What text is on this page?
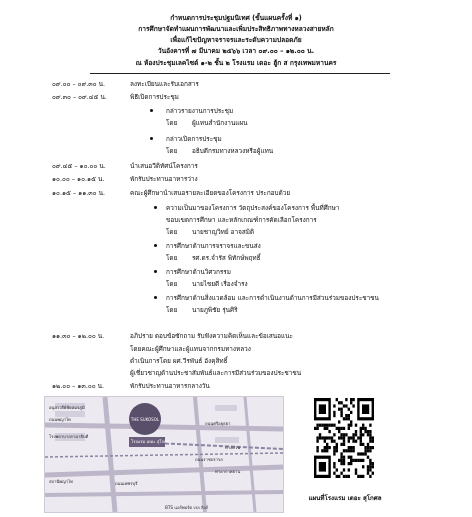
กำหนดการประชุมปฐมนิเทศ (ขั้นแผนครั้งที่ ๑)
การศึกษาจัดทำแผนการพัฒนาและเพิ่มประสิทธิภาพทางหลวงสายหลัก
เพื่อแก้ไขปัญหาจราจรและระดับความปลอดภัย
วันอังคารที่ ๗ มีนาคม ๒๕๖๖ เวลา ๐๙.๐๐ – ๑๒.๐๐ น.
ณ ห้องประชุมเลคไซด์ ๑-๒ ชั้น ๒ โรงแรม เดอะ ฮู้ก ส กรุงเทพมหานคร
๐๙.๐๐ – ๐๙.๓๐ น.	ลงทะเบียนและรับเอกสาร
๐๙.๓๐ – ๐๙.๔๕ น.	พิธีเปิดการประชุม
กล่าวรายงานการประชุม
โดย ผู้แทนสำนักงานแผน
กล่าวเปิดการประชุม
โดย อธิบดีกรมทางหลวงหรือผู้แทน
๐๙.๔๕ – ๑๐.๐๐ น.	นำเสนอวีดิทัศน์โครงการ
๑๐.๐๐ – ๑๐.๑๕ น.	พักรับประทานอาหารว่าง
๑๐.๑๕ – ๑๑.๓๐ น.	คณะผู้ศึกษานำเสนอรายละเอียดของโครงการ ประกอบด้วย
ความเป็นมาของโครงการ วัตถุประสงค์ของโครงการ พื้นที่ศึกษา
ขอบเขตการศึกษา และหลักเกณฑ์การคัดเลือกโครงการ
โดย นายชาญวิทย์ อาจสมิติ
การศึกษาด้านการจราจรและขนส่ง
โดย รศ.ดร.จำรัส พิทักษ์พฤทธิ์
การศึกษาด้านวิศวกรรม
โดย นายไชยดี เรื่องจำรง
การศึกษาด้านสิ่งแวดล้อม และการดำเนินงานด้านการมีส่วนร่วมของประชาชน
โดย นายภูพิชัย รุ่นศิริ
๑๑.๓๐ – ๑๒.๐๐ น.	อภิปราย ตอบข้อซักถาม รับฟังความคิดเห็นและข้อเสนอแนะ
โดยคณะผู้ศึกษาและผู้แทนจากกรมทางหลวง
ดำเนินการโดย ผศ.วีรพันธ์ อังคุสิทธิ์
ผู้เชี่ยวชาญด้านประชาสัมพันธ์และการมีส่วนร่วมของประชาชน
๑๒.๐๐ – ๑๓.๐๐ น.	พักรับประทานอาหารกลางวัน
THE SUKOSOL
โรงแรม เดอะ สุโกศล
อนุสาวรีย์ชัยสมรภูมิ
โรงพยาบาลรามาธิบดี
ถนนพญาไท
ถนนศรีอยุธยา
ถนนราชปรารภ
ทางด่วน
ถนนเพชรบุรี
ท่าอากาศยาน
สถานีพญาไท
BTS แอร์พอร์ต เรล ลิงก์
แผนที่โรงแรม เดอะ สุโกศล
